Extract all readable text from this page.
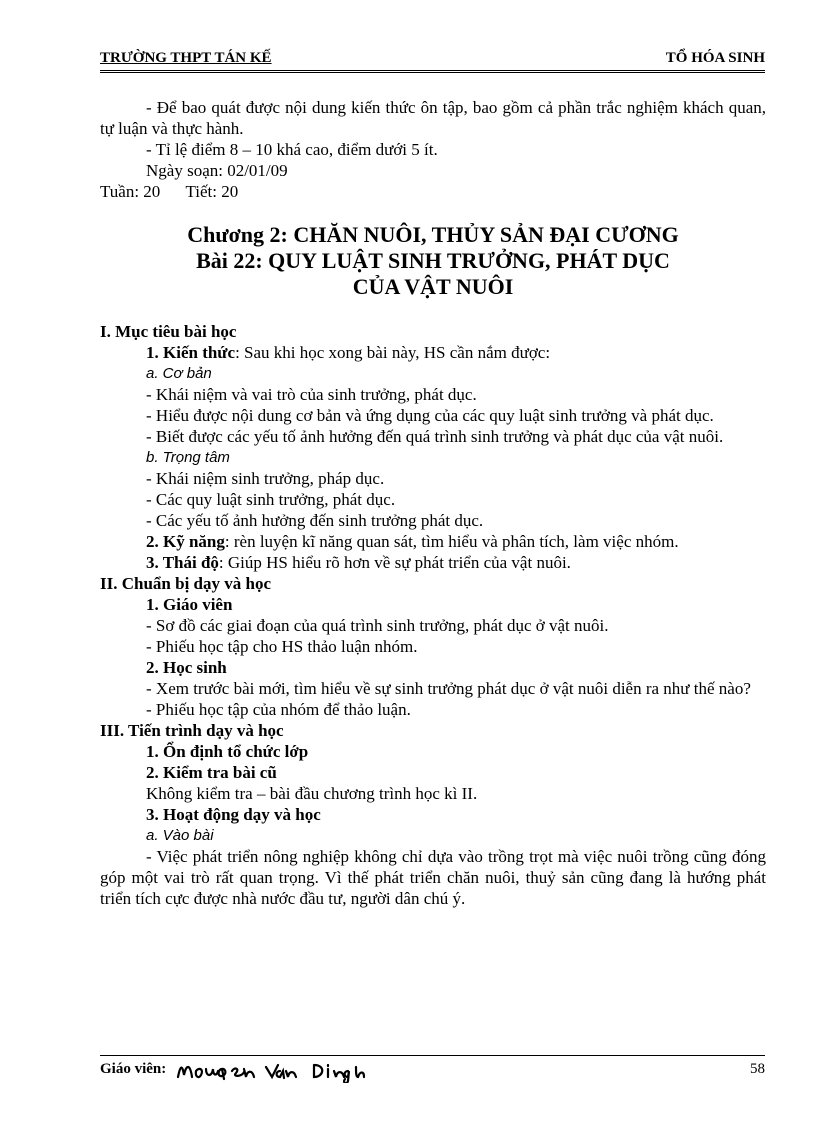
TRƯỜNG THPT TÁN KẾ	TỔ HÓA SINH

- Để bao quát được nội dung kiến thức ôn tập, bao gồm cả phần trắc nghiệm khách quan, tự luận và thực hành.

- Tỉ lệ điểm 8 – 10 khá cao, điểm dưới 5 ít.

Ngày soạn: 02/01/09

Tuần: 20      Tiết: 20

Chương 2: CHĂN NUÔI, THỦY SẢN ĐẠI CƯƠNG

Bài 22: QUY LUẬT SINH TRƯỞNG, PHÁT DỤC

CỦA VẬT NUÔI

I. Mục tiêu bài học

1. Kiến thức: Sau khi học xong bài này, HS cần nắm được:

a. Cơ bản

- Khái niệm và vai trò của sinh trưởng, phát dục.

- Hiểu được nội dung cơ bản và ứng dụng của các quy luật sinh trưởng và phát dục.

- Biết được các yếu tố ảnh hưởng đến quá trình sinh trưởng và phát dục của vật nuôi.

b. Trọng tâm

- Khái niệm sinh trưởng, pháp dục.

- Các quy luật sinh trưởng, phát dục.

- Các yếu tố ảnh hưởng đến sinh trưởng phát dục.

2. Kỹ năng: rèn luyện kĩ năng quan sát, tìm hiểu và phân tích, làm việc nhóm.

3. Thái độ: Giúp HS hiểu rõ hơn về sự phát triển của vật nuôi.

II. Chuẩn bị dạy và học

1. Giáo viên

- Sơ đồ các giai đoạn của quá trình sinh trưởng, phát dục ở vật nuôi.

- Phiếu học tập cho HS thảo luận nhóm.

2. Học sinh

- Xem trước bài mới, tìm hiểu về sự sinh trưởng phát dục ở vật nuôi diễn ra như thế nào?

- Phiếu học tập của nhóm để thảo luận.

III. Tiến trình dạy và học

1. Ổn định tổ chức lớp

2. Kiểm tra bài cũ

Không kiểm tra – bài đầu chương trình học kì II.

3. Hoạt động dạy và học

a. Vào bài

- Việc phát triển nông nghiệp không chỉ dựa vào trồng trọt mà việc nuôi trồng cũng đóng góp một vai trò rất quan trọng. Vì thế phát triển chăn nuôi, thuỷ sản cũng đang là hướng phát triển tích cực được nhà nước đầu tư, người dân chú ý.

Giáo viên:	58
